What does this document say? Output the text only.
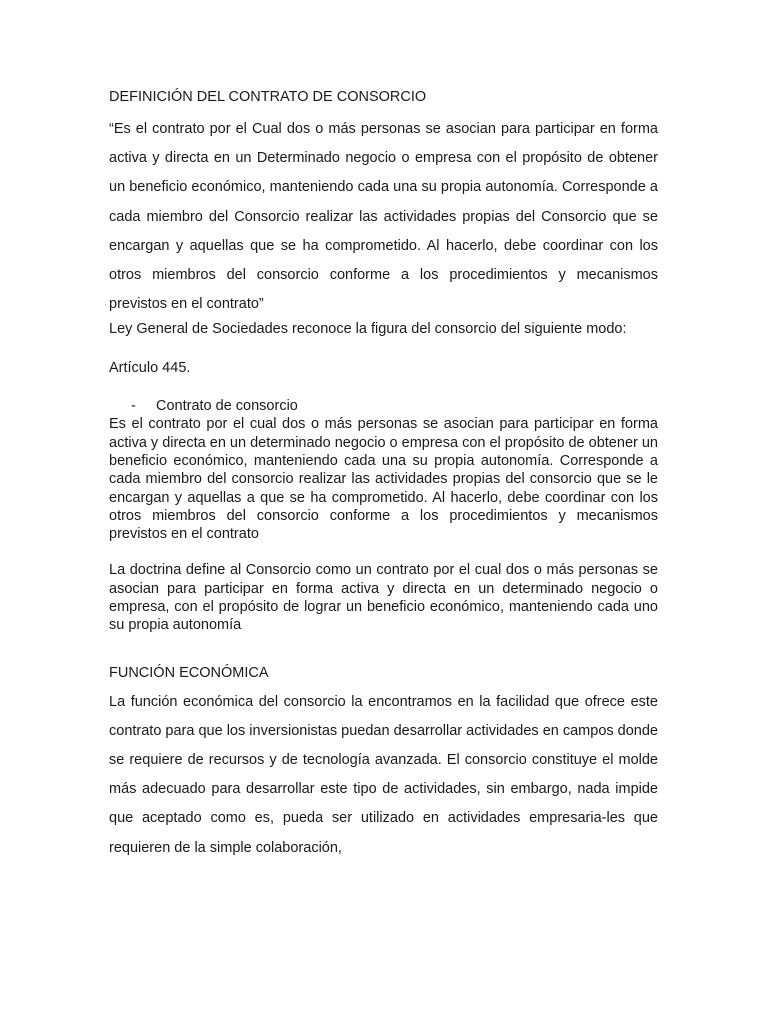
DEFINICIÓN DEL CONTRATO DE CONSORCIO

“Es el contrato por el Cual dos o más personas se asocian para participar en forma activa y directa en un Determinado negocio o empresa con el propósito de obtener un beneficio económico, manteniendo cada una su propia autonomía. Corresponde a cada miembro del Consorcio realizar las actividades propias del Consorcio que se encargan y aquellas que se ha comprometido. Al hacerlo, debe coordinar con los otros miembros del consorcio conforme a los procedimientos y mecanismos previstos en el contrato”

Ley General de Sociedades reconoce la figura del consorcio del siguiente modo:

Artículo 445.

-	Contrato de consorcio

Es el contrato por el cual dos o más personas se asocian para participar en forma activa y directa en un determinado negocio o empresa con el propósito de obtener un beneficio económico, manteniendo cada una su propia autonomía. Corresponde a cada miembro del consorcio realizar las actividades propias del consorcio que se le encargan y aquellas a que se ha comprometido. Al hacerlo, debe coordinar con los otros miembros del consorcio conforme a los procedimientos y mecanismos previstos en el contrato

La doctrina define al Consorcio como un contrato por el cual dos o más personas se asocian para participar en forma activa y directa en un determinado negocio o empresa, con el propósito de lograr un beneficio económico, manteniendo cada uno su propia autonomía

FUNCIÓN ECONÓMICA

La función económica del consorcio la encontramos en la facilidad que ofrece este contrato para que los inversionistas puedan desarrollar actividades en campos donde se requiere de recursos y de tecnología avanzada. El consorcio constituye el molde más adecuado para desarrollar este tipo de actividades, sin embargo, nada impide que aceptado como es, pueda ser utilizado en actividades empresaria-les que requieren de la simple colaboración,
